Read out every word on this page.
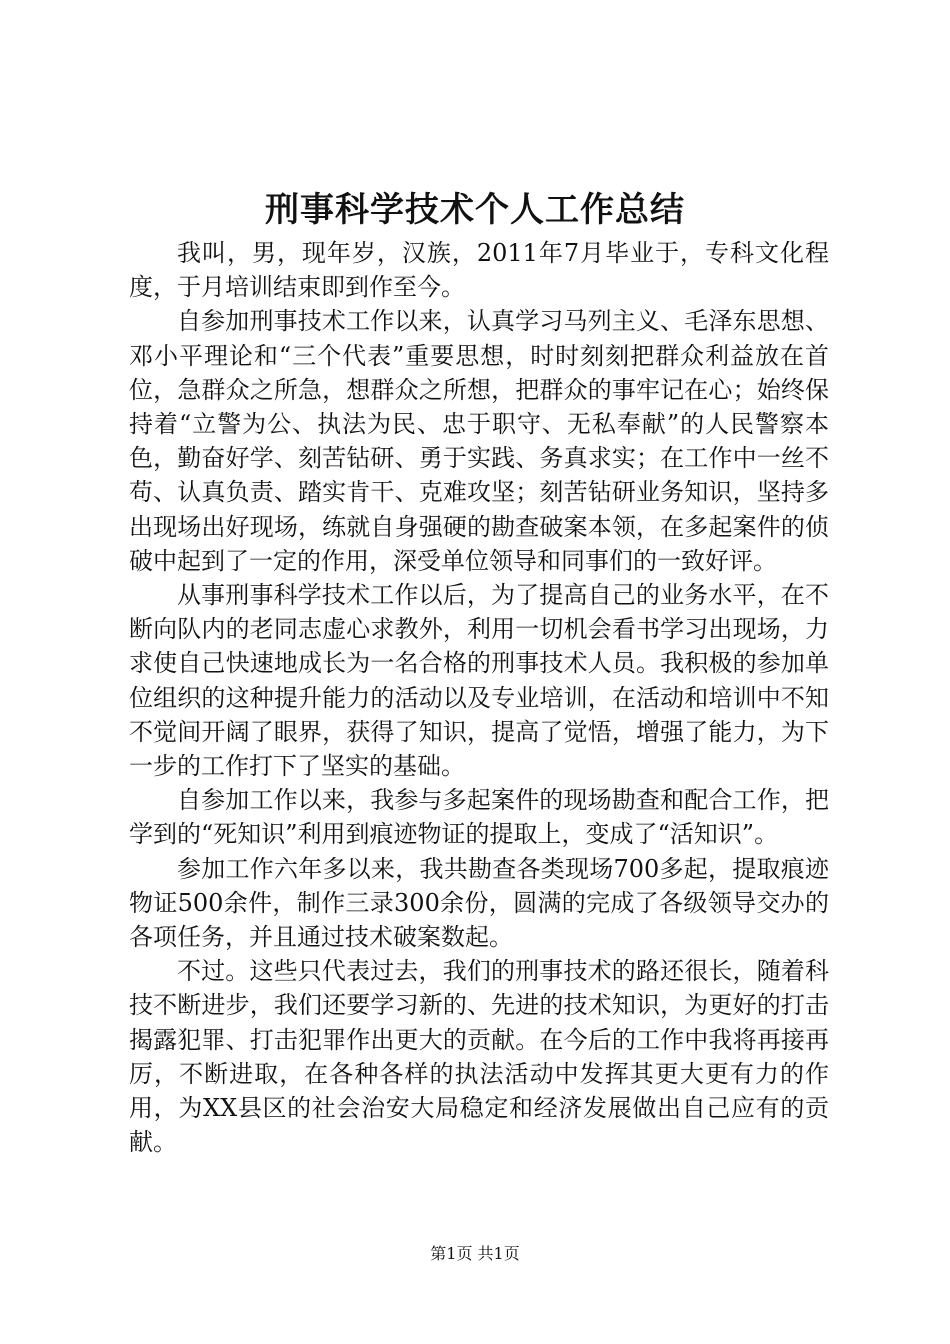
刑事科学技术个人工作总结

我叫，男，现年岁，汉族，2011年7月毕业于，专科文化程度，于月培训结束即到作至今。

自参加刑事技术工作以来，认真学习马列主义、毛泽东思想、邓小平理论和“三个代表”重要思想，时时刻刻把群众利益放在首位，急群众之所急，想群众之所想，把群众的事牢记在心；始终保持着“立警为公、执法为民、忠于职守、无私奉献”的人民警察本色，勤奋好学、刻苦钻研、勇于实践、务真求实；在工作中一丝不苟、认真负责、踏实肯干、克难攻坚；刻苦钻研业务知识，坚持多出现场出好现场，练就自身强硬的勘查破案本领，在多起案件的侦破中起到了一定的作用，深受单位领导和同事们的一致好评。

从事刑事科学技术工作以后，为了提高自己的业务水平，在不断向队内的老同志虚心求教外，利用一切机会看书学习出现场，力求使自己快速地成长为一名合格的刑事技术人员。我积极的参加单位组织的这种提升能力的活动以及专业培训，在活动和培训中不知不觉间开阔了眼界，获得了知识，提高了觉悟，增强了能力，为下一步的工作打下了坚实的基础。

自参加工作以来，我参与多起案件的现场勘查和配合工作，把学到的“死知识”利用到痕迹物证的提取上，变成了“活知识”。

参加工作六年多以来，我共勘查各类现场700多起，提取痕迹物证500余件，制作三录300余份，圆满的完成了各级领导交办的各项任务，并且通过技术破案数起。

不过。这些只代表过去，我们的刑事技术的路还很长，随着科技不断进步，我们还要学习新的、先进的技术知识，为更好的打击揭露犯罪、打击犯罪作出更大的贡献。在今后的工作中我将再接再厉，不断进取，在各种各样的执法活动中发挥其更大更有力的作用，为XX县区的社会治安大局稳定和经济发展做出自己应有的贡献。

第1页 共1页
